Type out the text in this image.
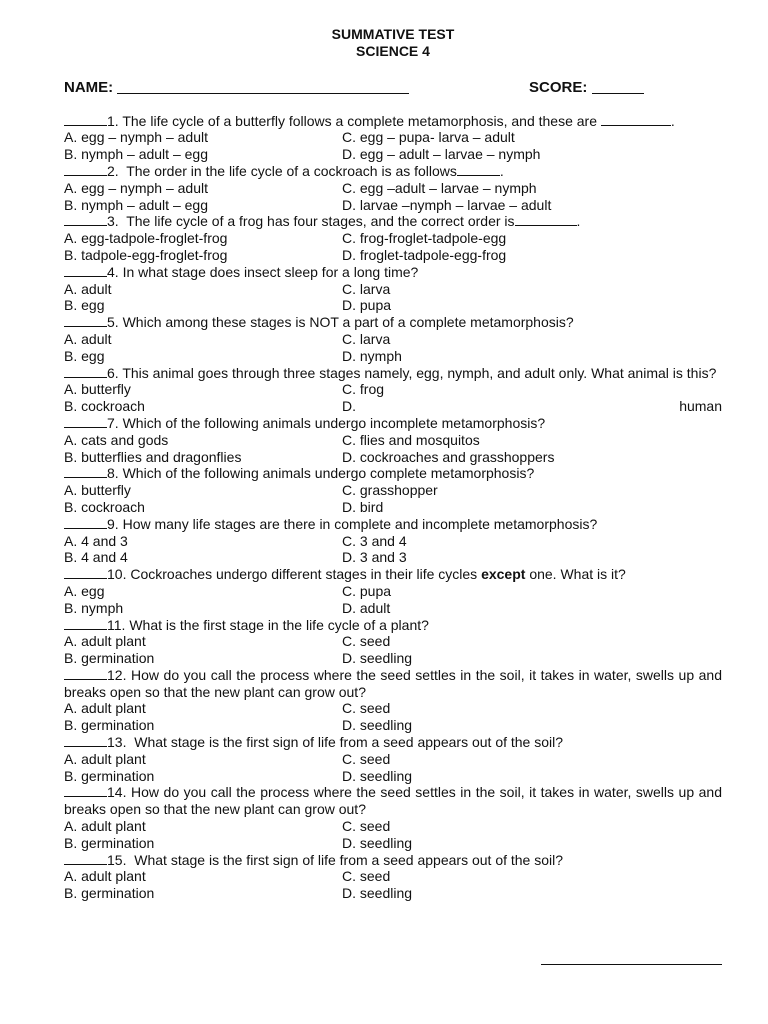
SUMMATIVE TEST
SCIENCE 4
NAME:	SCORE:
1. The life cycle of a butterfly follows a complete metamorphosis, and these are	.
A. egg – nymph – adult	C. egg – pupa- larva – adult
B. nymph – adult – egg	D. egg – adult – larvae – nymph
2. The order in the life cycle of a cockroach is as follows	.
A. egg – nymph – adult	C. egg –adult – larvae – nymph
B. nymph – adult – egg	D. larvae –nymph – larvae – adult
3. The life cycle of a frog has four stages, and the correct order is	.
A. egg-tadpole-froglet-frog	C. frog-froglet-tadpole-egg
B. tadpole-egg-froglet-frog	D. froglet-tadpole-egg-frog
4. In what stage does insect sleep for a long time?
A. adult	C. larva
B. egg	D. pupa
5. Which among these stages is NOT a part of a complete metamorphosis?
A. adult	C. larva
B. egg	D. nymph
6. This animal goes through three stages namely, egg, nymph, and adult only. What animal is this?
A. butterfly	C. frog
B. cockroach	D.	human
7. Which of the following animals undergo incomplete metamorphosis?
A. cats and gods	C. flies and mosquitos
B. butterflies and dragonflies	D. cockroaches and grasshoppers
8. Which of the following animals undergo complete metamorphosis?
A. butterfly	C. grasshopper
B. cockroach	D. bird
9. How many life stages are there in complete and incomplete metamorphosis?
A. 4 and 3	C. 3 and 4
B. 4 and 4	D. 3 and 3
10. Cockroaches undergo different stages in their life cycles except one. What is it?
A. egg	C. pupa
B. nymph	D. adult
11. What is the first stage in the life cycle of a plant?
A. adult plant	C. seed
B. germination	D. seedling
12. How do you call the process where the seed settles in the soil, it takes in water, swells up and breaks open so that the new plant can grow out?
A. adult plant	C. seed
B. germination	D. seedling
13. What stage is the first sign of life from a seed appears out of the soil?
A. adult plant	C. seed
B. germination	D. seedling
14. How do you call the process where the seed settles in the soil, it takes in water, swells up and breaks open so that the new plant can grow out?
A. adult plant	C. seed
B. germination	D. seedling
15. What stage is the first sign of life from a seed appears out of the soil?
A. adult plant	C. seed
B. germination	D. seedling
